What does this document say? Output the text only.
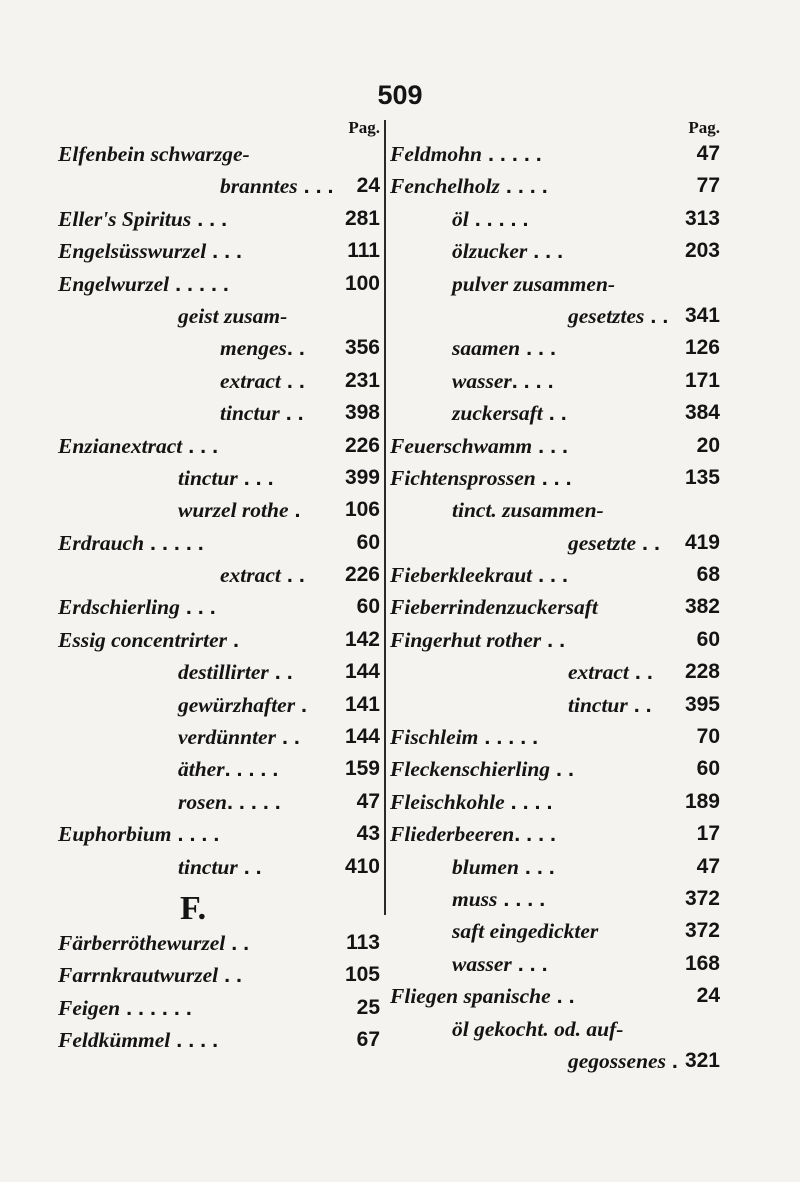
509
Pag.
Elfenbein schwarzge-
branntes . . . 24
Eller's Spiritus . . .	281
Engelsüsswurzel . . .	111
Engelwurzel . . . . .	100
geist zusam-
menges. . 356
extract . . 231
tinctur . . 398
Enzianextract . . .	226
tinctur . . .	399
wurzel rothe . 106
Erdrauch . . . . .	60
extract . . 226
Erdschierling . . .	60
Essig concentrirter .	142
destillirter . . 144
gewürzhafter . 141
verdünnter . . 144
äther. . . . .	159
rosen. . . . .	47
Euphorbium . . . .	43
tinctur . .	410
F.
Färberröthewurzel . .	113
Farrnkrautwurzel . .	105
Feigen . . . . . .	25
Feldkümmel . . . .	67
Pag.
Feldmohn . . . . .	47
Fenchelholz . . . .	77
öl . . . . .	313
ölzucker . . .	203
pulver zusammen-
gesetztes . . 341
saamen . . .	126
wasser. . . .	171
zuckersaft . .	384
Feuerschwamm . . .	20
Fichtensprossen . . .	135
tinct. zusammen-
gesetzte . . 419
Fieberkleekraut . . .	68
Fieberrindenzuckersaft	382
Fingerhut rother . .	60
extract . . 228
tinctur . . 395
Fischleim . . . . .	70
Fleckenschierling . .	60
Fleischkohle . . . .	189
Fliederbeeren. . . .	17
blumen . . .	47
muss . . . .	372
saft eingedickter	372
wasser . . .	168
Fliegen spanische . .	24
öl gekocht. od. auf-
gegossenes . 321
